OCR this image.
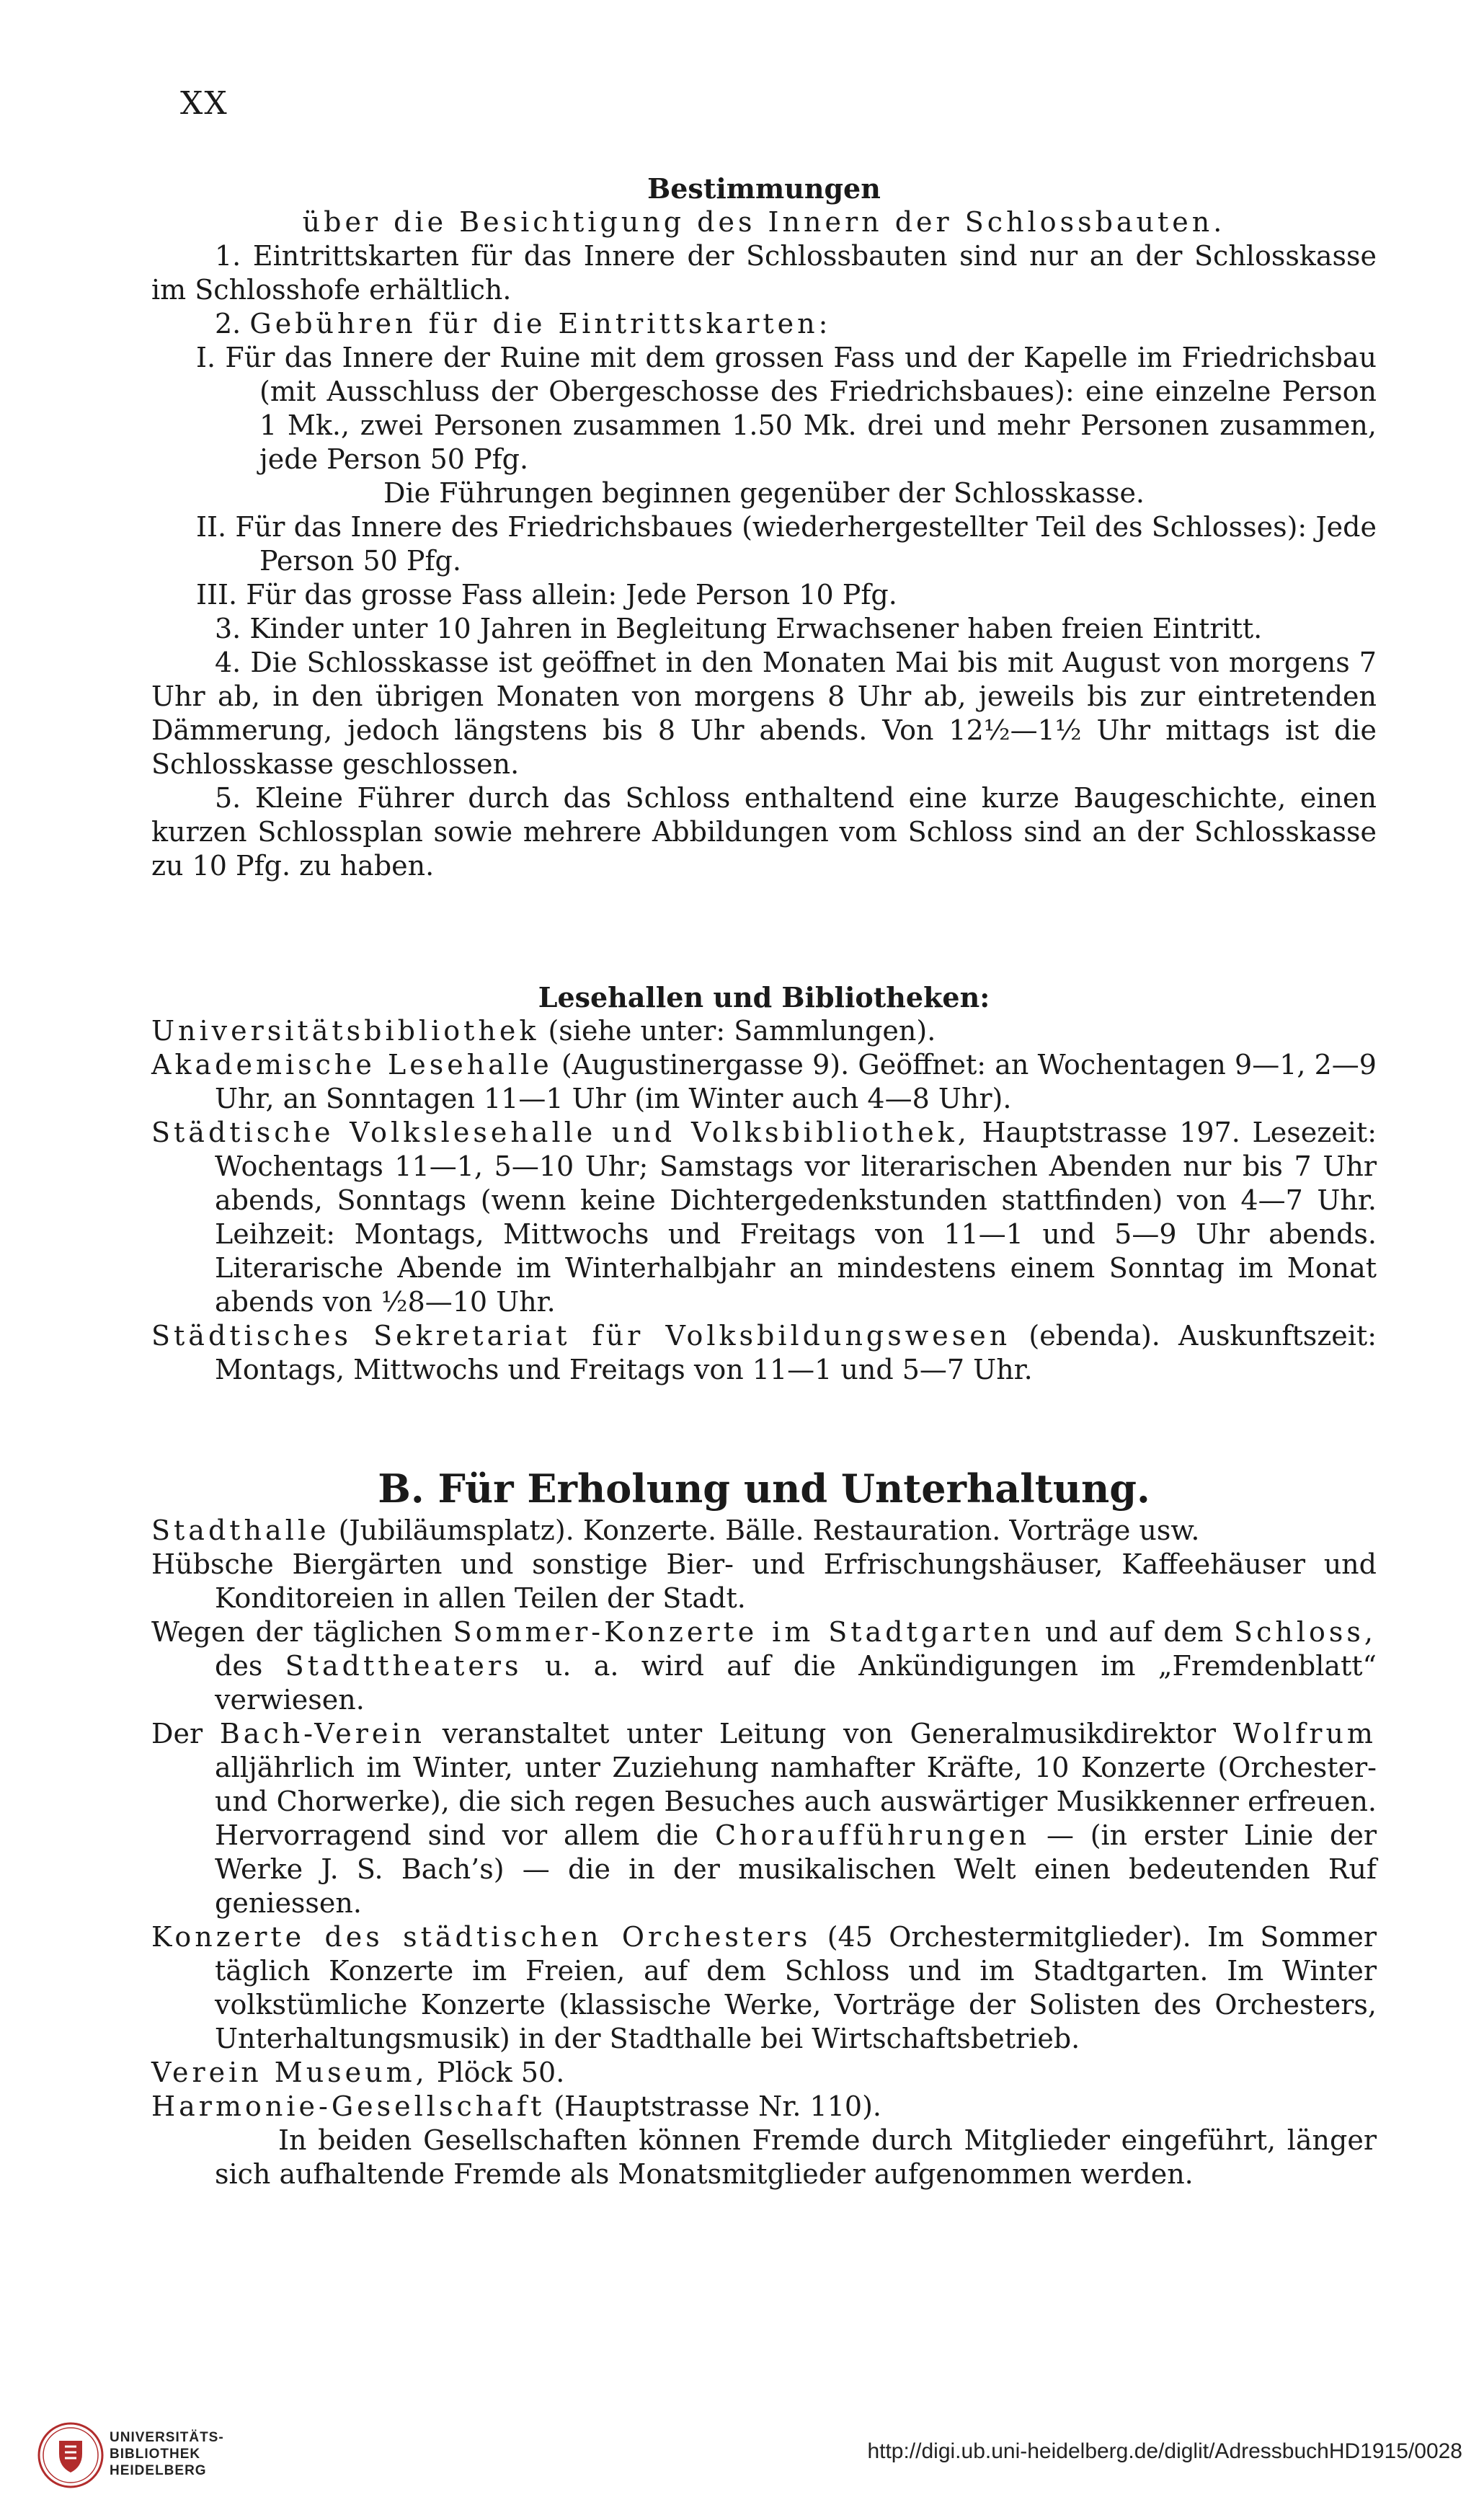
XX

Bestimmungen

über die Besichtigung des Innern der Schlossbauten.

1. Eintrittskarten für das Innere der Schlossbauten sind nur an der Schlosskasse im Schlosshofe erhältlich.

2. Gebühren für die Eintrittskarten:

I. Für das Innere der Ruine mit dem grossen Fass und der Kapelle im Friedrichsbau (mit Ausschluss der Obergeschosse des Friedrichsbaues): eine einzelne Person 1 Mk., zwei Personen zusammen 1.50 Mk. drei und mehr Personen zusammen, jede Person 50 Pfg.

Die Führungen beginnen gegenüber der Schlosskasse.

II. Für das Innere des Friedrichsbaues (wiederhergestellter Teil des Schlosses): Jede Person 50 Pfg.

III. Für das grosse Fass allein: Jede Person 10 Pfg.

3. Kinder unter 10 Jahren in Begleitung Erwachsener haben freien Eintritt.

4. Die Schlosskasse ist geöffnet in den Monaten Mai bis mit August von morgens 7 Uhr ab, in den übrigen Monaten von morgens 8 Uhr ab, jeweils bis zur eintretenden Dämmerung, jedoch längstens bis 8 Uhr abends. Von 12½—1½ Uhr mittags ist die Schlosskasse geschlossen.

5. Kleine Führer durch das Schloss enthaltend eine kurze Baugeschichte, einen kurzen Schlossplan sowie mehrere Abbildungen vom Schloss sind an der Schlosskasse zu 10 Pfg. zu haben.

Lesehallen und Bibliotheken:

Universitätsbibliothek (siehe unter: Sammlungen).

Akademische Lesehalle (Augustinergasse 9). Geöffnet: an Wochentagen 9—1, 2—9 Uhr, an Sonntagen 11—1 Uhr (im Winter auch 4—8 Uhr).

Städtische Volkslesehalle und Volksbibliothek, Hauptstrasse 197. Lesezeit: Wochentags 11—1, 5—10 Uhr; Samstags vor literarischen Abenden nur bis 7 Uhr abends, Sonntags (wenn keine Dichtergedenkstunden stattfinden) von 4—7 Uhr. Leihzeit: Montags, Mittwochs und Freitags von 11—1 und 5—9 Uhr abends. Literarische Abende im Winterhalbjahr an mindestens einem Sonntag im Monat abends von ½8—10 Uhr.

Städtisches Sekretariat für Volksbildungswesen (ebenda). Auskunftszeit: Montags, Mittwochs und Freitags von 11—1 und 5—7 Uhr.

B. Für Erholung und Unterhaltung.

Stadthalle (Jubiläumsplatz). Konzerte. Bälle. Restauration. Vorträge usw.

Hübsche Biergärten und sonstige Bier- und Erfrischungshäuser, Kaffeehäuser und Konditoreien in allen Teilen der Stadt.

Wegen der täglichen Sommer-Konzerte im Stadtgarten und auf dem Schloss, des Stadttheaters u. a. wird auf die Ankündigungen im „Fremdenblatt“ verwiesen.

Der Bach-Verein veranstaltet unter Leitung von Generalmusikdirektor Wolfrum alljährlich im Winter, unter Zuziehung namhafter Kräfte, 10 Konzerte (Orchester- und Chorwerke), die sich regen Besuches auch auswärtiger Musikkenner erfreuen. Hervorragend sind vor allem die Choraufführungen — (in erster Linie der Werke J. S. Bach’s) — die in der musikalischen Welt einen bedeutenden Ruf geniessen.

Konzerte des städtischen Orchesters (45 Orchestermitglieder). Im Sommer täglich Konzerte im Freien, auf dem Schloss und im Stadtgarten. Im Winter volkstümliche Konzerte (klassische Werke, Vorträge der Solisten des Orchesters, Unterhaltungsmusik) in der Stadthalle bei Wirtschaftsbetrieb.

Verein Museum, Plöck 50.

Harmonie-Gesellschaft (Hauptstrasse Nr. 110).

In beiden Gesellschaften können Fremde durch Mitglieder eingeführt, länger sich aufhaltende Fremde als Monatsmitglieder aufgenommen werden.

UNIVERSITÄTS-
BIBLIOTHEK
HEIDELBERG
http://digi.ub.uni-heidelberg.de/diglit/AdressbuchHD1915/0028
